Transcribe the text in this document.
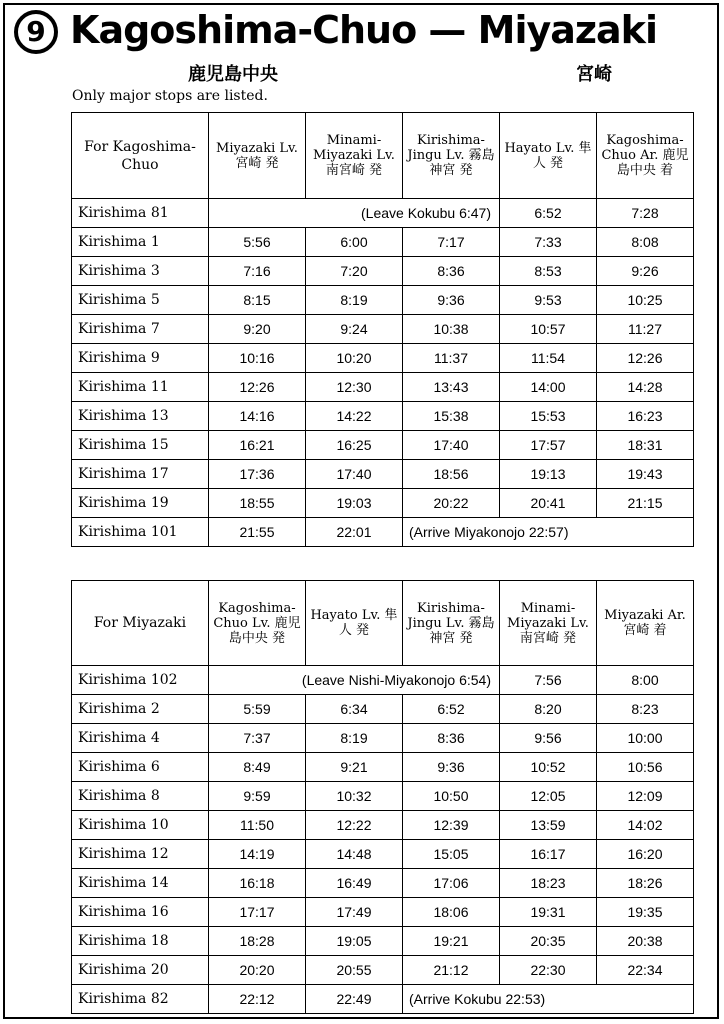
9 Kagoshima-Chuo — Miyazaki
鹿児島中央	宮崎
Only major stops are listed.
For Kagoshima-Chuo	Miyazaki Lv. 宮崎 発	Minami-Miyazaki Lv. 南宮崎 発	Kirishima-Jingu Lv. 霧島神宮 発	Hayato Lv. 隼人 発	Kagoshima-Chuo Ar. 鹿児島中央 着
Kirishima 81	(Leave Kokubu 6:47)			6:52	7:28
Kirishima 1	5:56	6:00	7:17	7:33	8:08
Kirishima 3	7:16	7:20	8:36	8:53	9:26
Kirishima 5	8:15	8:19	9:36	9:53	10:25
Kirishima 7	9:20	9:24	10:38	10:57	11:27
Kirishima 9	10:16	10:20	11:37	11:54	12:26
Kirishima 11	12:26	12:30	13:43	14:00	14:28
Kirishima 13	14:16	14:22	15:38	15:53	16:23
Kirishima 15	16:21	16:25	17:40	17:57	18:31
Kirishima 17	17:36	17:40	18:56	19:13	19:43
Kirishima 19	18:55	19:03	20:22	20:41	21:15
Kirishima 101	21:55	22:01	(Arrive Miyakonojo 22:57)		
For Miyazaki	Kagoshima-Chuo Lv. 鹿児島中央 発	Hayato Lv. 隼人 発	Kirishima-Jingu Lv. 霧島神宮 発	Minami-Miyazaki Lv. 南宮崎 発	Miyazaki Ar. 宮崎 着
Kirishima 102	(Leave Nishi-Miyakonojo 6:54)			7:56	8:00
Kirishima 2	5:59	6:34	6:52	8:20	8:23
Kirishima 4	7:37	8:19	8:36	9:56	10:00
Kirishima 6	8:49	9:21	9:36	10:52	10:56
Kirishima 8	9:59	10:32	10:50	12:05	12:09
Kirishima 10	11:50	12:22	12:39	13:59	14:02
Kirishima 12	14:19	14:48	15:05	16:17	16:20
Kirishima 14	16:18	16:49	17:06	18:23	18:26
Kirishima 16	17:17	17:49	18:06	19:31	19:35
Kirishima 18	18:28	19:05	19:21	20:35	20:38
Kirishima 20	20:20	20:55	21:12	22:30	22:34
Kirishima 82	22:12	22:49	(Arrive Kokubu 22:53)		
